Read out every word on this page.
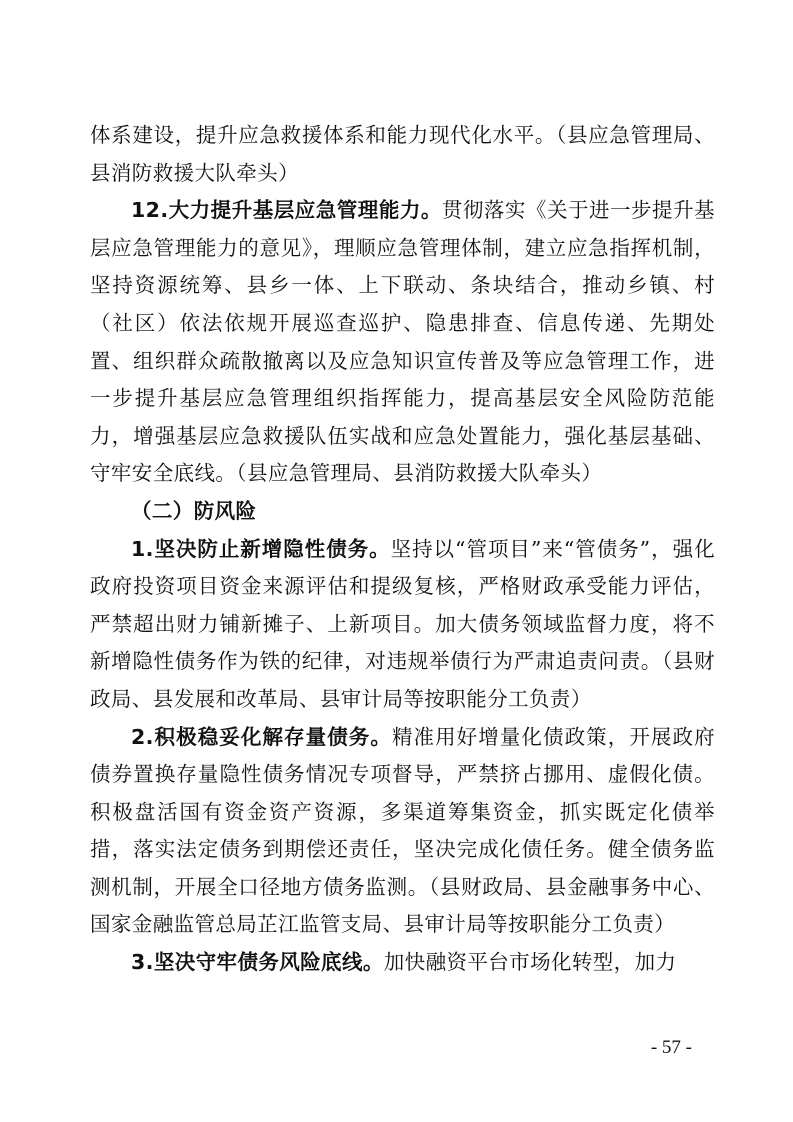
体系建设，提升应急救援体系和能力现代化水平。（县应急管理局、县消防救援大队牵头）

12.大力提升基层应急管理能力。贯彻落实《关于进一步提升基层应急管理能力的意见》，理顺应急管理体制，建立应急指挥机制，坚持资源统筹、县乡一体、上下联动、条块结合，推动乡镇、村（社区）依法依规开展巡查巡护、隐患排查、信息传递、先期处置、组织群众疏散撤离以及应急知识宣传普及等应急管理工作，进一步提升基层应急管理组织指挥能力，提高基层安全风险防范能力，增强基层应急救援队伍实战和应急处置能力，强化基层基础、守牢安全底线。（县应急管理局、县消防救援大队牵头）

（二）防风险

1.坚决防止新增隐性债务。坚持以“管项目”来“管债务”，强化政府投资项目资金来源评估和提级复核，严格财政承受能力评估，严禁超出财力铺新摊子、上新项目。加大债务领域监督力度，将不新增隐性债务作为铁的纪律，对违规举债行为严肃追责问责。（县财政局、县发展和改革局、县审计局等按职能分工负责）

2.积极稳妥化解存量债务。精准用好增量化债政策，开展政府债券置换存量隐性债务情况专项督导，严禁挤占挪用、虚假化债。积极盘活国有资金资产资源，多渠道筹集资金，抓实既定化债举措，落实法定债务到期偿还责任，坚决完成化债任务。健全债务监测机制，开展全口径地方债务监测。（县财政局、县金融事务中心、国家金融监管总局芷江监管支局、县审计局等按职能分工负责）

3.坚决守牢债务风险底线。加快融资平台市场化转型，加力

- 57 -
